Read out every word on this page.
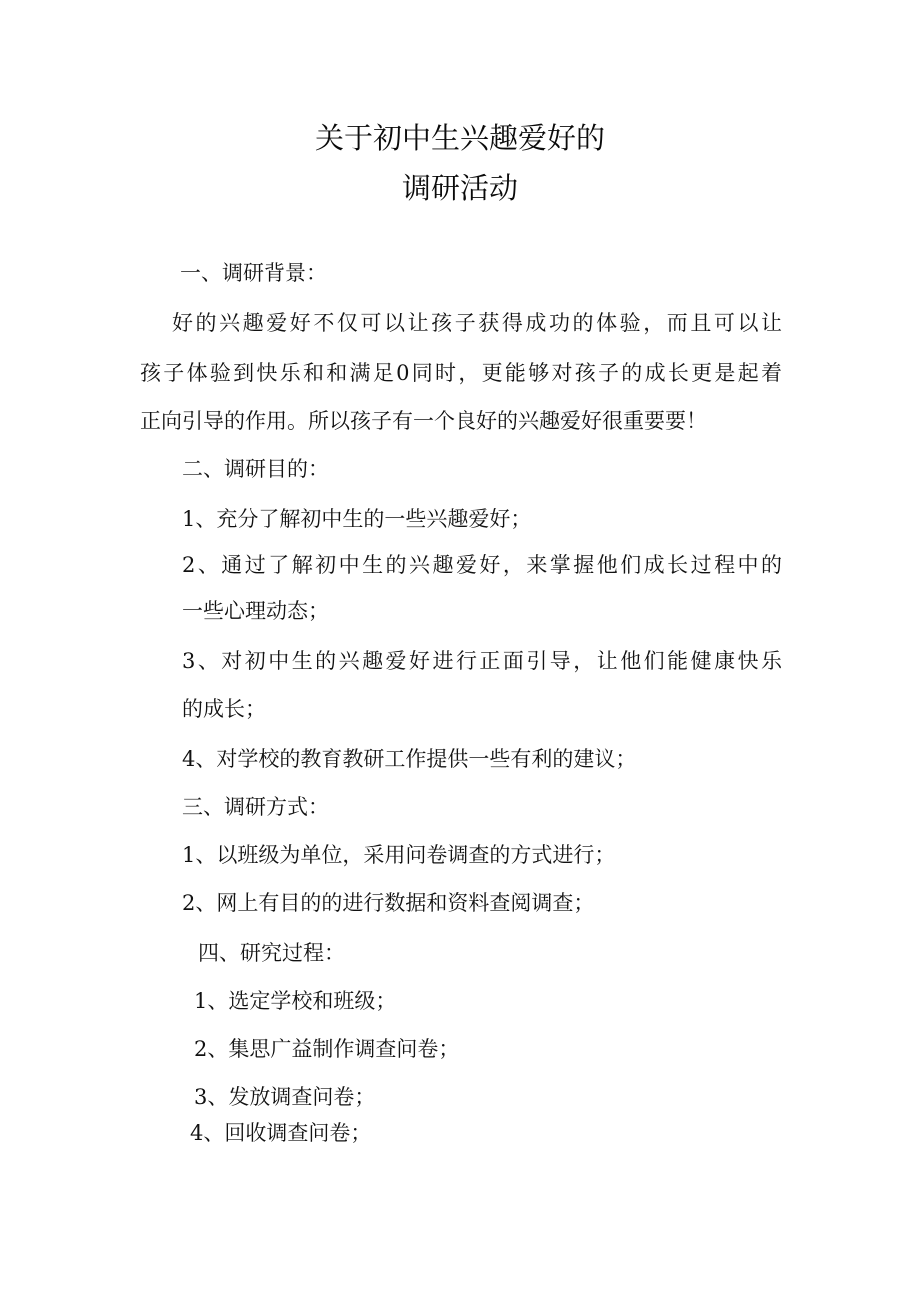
关于初中生兴趣爱好的
调研活动
一、调研背景：
好的兴趣爱好不仅可以让孩子获得成功的体验，而且可以让
孩子体验到快乐和和满足0同时，更能够对孩子的成长更是起着
正向引导的作用。所以孩子有一个良好的兴趣爱好很重要要！
二、调研目的：
1、充分了解初中生的一些兴趣爱好；
2、通过了解初中生的兴趣爱好，来掌握他们成长过程中的
一些心理动态；
3、对初中生的兴趣爱好进行正面引导，让他们能健康快乐
的成长；
4、对学校的教育教研工作提供一些有利的建议；
三、调研方式：
1、以班级为单位，采用问卷调查的方式进行；
2、网上有目的的进行数据和资料查阅调查；
四、研究过程：
1、选定学校和班级；
2、集思广益制作调查问卷；
3、发放调查问卷；
4、回收调查问卷；
